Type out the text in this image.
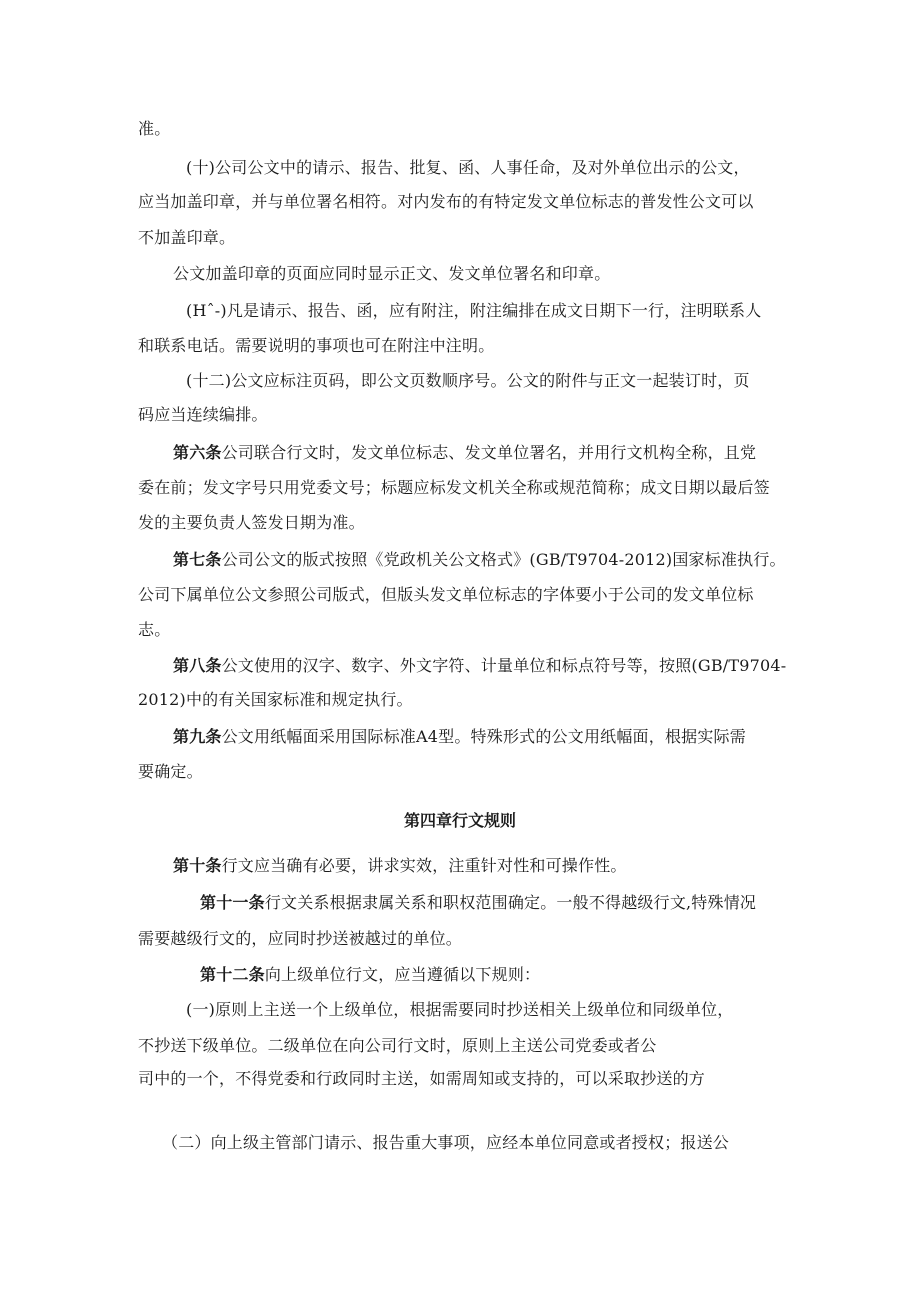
准。
(十)公司公文中的请示、报告、批复、函、人事任命，及对外单位出示的公文，
应当加盖印章，并与单位署名相符。对内发布的有特定发文单位标志的普发性公文可以
不加盖印章。
公文加盖印章的页面应同时显示正文、发文单位署名和印章。
(Hˆ-)凡是请示、报告、函，应有附注，附注编排在成文日期下一行，注明联系人
和联系电话。需要说明的事项也可在附注中注明。
(十二)公文应标注页码，即公文页数顺序号。公文的附件与正文一起装订时，页
码应当连续编排。
第六条公司联合行文时，发文单位标志、发文单位署名，并用行文机构全称，且党
委在前；发文字号只用党委文号；标题应标发文机关全称或规范简称；成文日期以最后签
发的主要负责人签发日期为准。
第七条公司公文的版式按照《党政机关公文格式》(GB/T9704-2012)国家标准执行。
公司下属单位公文参照公司版式，但版头发文单位标志的字体要小于公司的发文单位标
志。
第八条公文使用的汉字、数字、外文字符、计量单位和标点符号等，按照(GB/T9704-
2012)中的有关国家标准和规定执行。
第九条公文用纸幅面采用国际标准A4型。特殊形式的公文用纸幅面，根据实际需
要确定。
第四章行文规则
第十条行文应当确有必要，讲求实效，注重针对性和可操作性。
第十一条行文关系根据隶属关系和职权范围确定。一般不得越级行文,特殊情况
需要越级行文的，应同时抄送被越过的单位。
第十二条向上级单位行文，应当遵循以下规则：
(一)原则上主送一个上级单位，根据需要同时抄送相关上级单位和同级单位，
不抄送下级单位。二级单位在向公司行文时，原则上主送公司党委或者公
司中的一个，不得党委和行政同时主送，如需周知或支持的，可以采取抄送的方
（二）向上级主管部门请示、报告重大事项，应经本单位同意或者授权；报送公
